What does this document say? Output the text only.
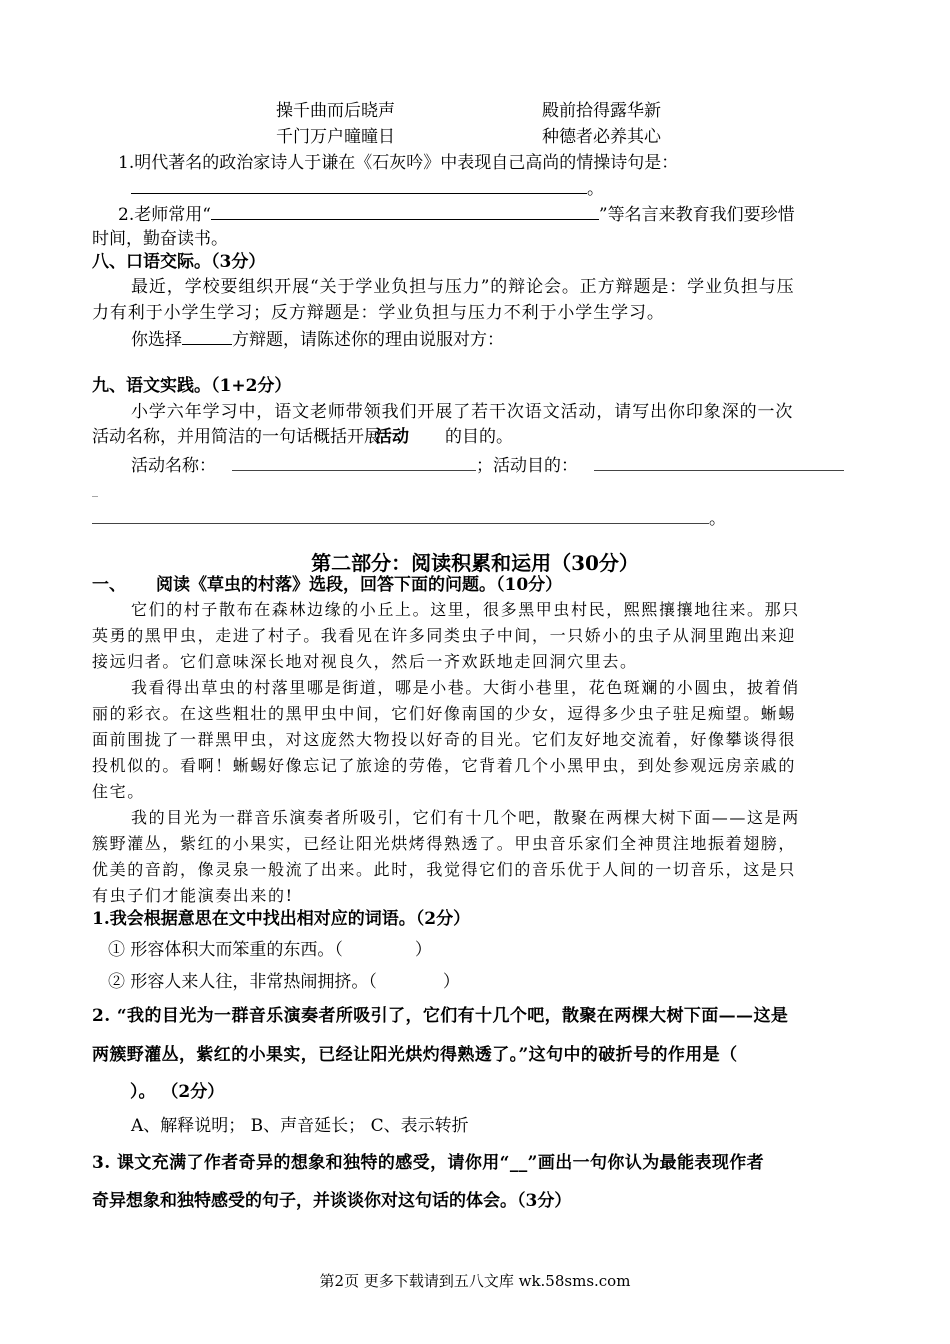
操千曲而后晓声	殿前拾得露华新
千门万户曈曈日	种德者必养其心
1.明代著名的政治家诗人于谦在《石灰吟》中表现自己高尚的情操诗句是：
。
2.老师常用“	”等名言来教育我们要珍惜
时间，勤奋读书。
八、口语交际。（3分）
最近，学校要组织开展“关于学业负担与压力”的辩论会。正方辩题是：学业负担与压
力有利于小学生学习；反方辩题是：学业负担与压力不利于小学生学习。
你选择	方辩题，请陈述你的理由说服对方：
九、语文实践。（1+2分）
小学六年学习中，语文老师带领我们开展了若干次语文活动，请写出你印象深的一次
活动名称，并用简洁的一句话概括开展活动 的目的。
活动名称：	；活动目的：
_
。
第二部分：阅读积累和运用（30分）
一、 阅读《草虫的村落》选段，回答下面的问题。（10分）
它们的村子散布在森林边缘的小丘上。这里，很多黑甲虫村民，熙熙攘攘地往来。那只
英勇的黑甲虫，走进了村子。我看见在许多同类虫子中间，一只娇小的虫子从洞里跑出来迎
接远归者。它们意味深长地对视良久，然后一齐欢跃地走回洞穴里去。
我看得出草虫的村落里哪是街道，哪是小巷。大街小巷里，花色斑斓的小圆虫，披着俏
丽的彩衣。在这些粗壮的黑甲虫中间，它们好像南国的少女，逗得多少虫子驻足痴望。蜥蜴
面前围拢了一群黑甲虫，对这庞然大物投以好奇的目光。它们友好地交流着，好像攀谈得很
投机似的。看啊！蜥蜴好像忘记了旅途的劳倦，它背着几个小黑甲虫，到处参观远房亲戚的
住宅。
我的目光为一群音乐演奏者所吸引，它们有十几个吧，散聚在两棵大树下面——这是两
簇野灌丛，紫红的小果实，已经让阳光烘烤得熟透了。甲虫音乐家们全神贯注地振着翅膀，
优美的音韵，像灵泉一般流了出来。此时，我觉得它们的音乐优于人间的一切音乐，这是只
有虫子们才能演奏出来的!
1.我会根据意思在文中找出相对应的词语。（2分）
① 形容体积大而笨重的东西。（	）
② 形容人来人往，非常热闹拥挤。（	）
2. “我的目光为一群音乐演奏者所吸引了，它们有十几个吧，散聚在两棵大树下面——这是
两簇野灌丛，紫红的小果实，已经让阳光烘灼得熟透了。”这句中的破折号的作用是（
）。 （2分）
A、解释说明； B、声音延长； C、表示转折
3. 课文充满了作者奇异的想象和独特的感受，请你用“__”画出一句你认为最能表现作者
奇异想象和独特感受的句子，并谈谈你对这句话的体会。（3分）
第2页 更多下载请到五八文库 wk.58sms.com
